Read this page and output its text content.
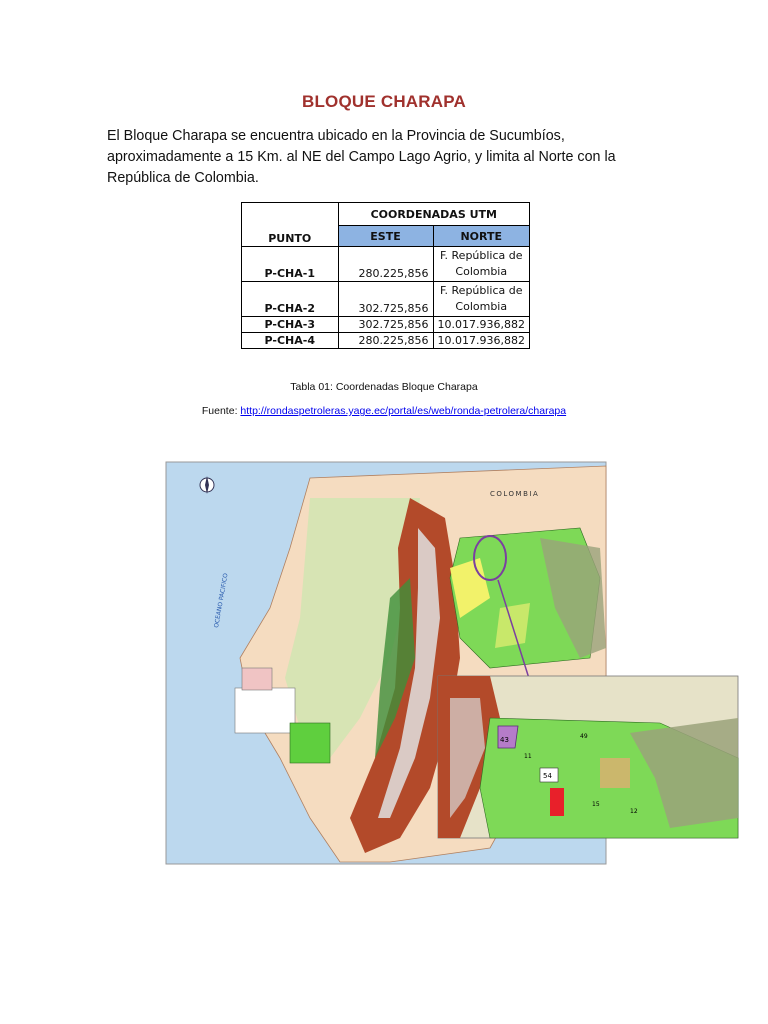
BLOQUE CHARAPA

El Bloque Charapa se encuentra ubicado en la Provincia de Sucumbíos, aproximadamente a 15 Km. al NE del Campo Lago Agrio, y limita al Norte con la República de Colombia.

	COORDENADAS UTM	
PUNTO	ESTE	NORTE
P-CHA-1	280.225,856	F. República de
Colombia

P-CHA-2	302.725,856	F. República de
Colombia

P-CHA-3	302.725,856	10.017.936,882
P-CHA-4	280.225,856	10.017.936,882
Tabla 01: Coordenadas Bloque Charapa
Fuente: http://rondaspetroleras.yage.ec/portal/es/web/ronda-petrolera/charapa
COLOMBIA
OCEANO PACIFICO
43
54
11
12
15
49
